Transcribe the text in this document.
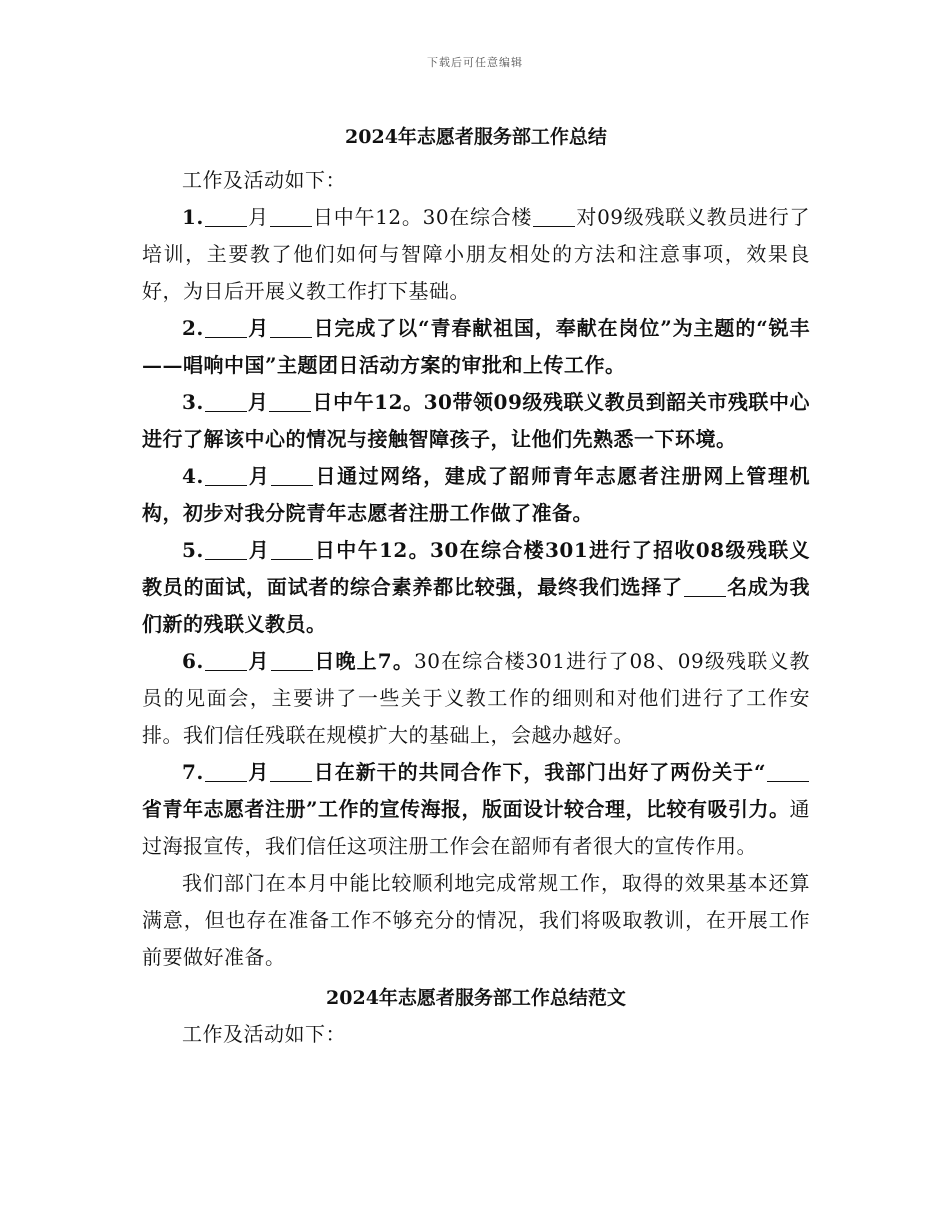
下载后可任意编辑
2024年志愿者服务部工作总结

工作及活动如下：

1. 月 日中午12。30在综合楼 对09级残联义教员进行了培训，主要教了他们如何与智障小朋友相处的方法和注意事项，效果良好，为日后开展义教工作打下基础。

2. 月 日完成了以“青春献祖国，奉献在岗位”为主题的“锐丰——唱响中国”主题团日活动方案的审批和上传工作。

3. 月 日中午12。30带领09级残联义教员到韶关市残联中心进行了解该中心的情况与接触智障孩子，让他们先熟悉一下环境。

4. 月 日通过网络，建成了韶师青年志愿者注册网上管理机构，初步对我分院青年志愿者注册工作做了准备。

5. 月 日中午12。30在综合楼301进行了招收08级残联义教员的面试，面试者的综合素养都比较强，最终我们选择了 名成为我们新的残联义教员。

6. 月 日晚上7。30在综合楼301进行了08、09级残联义教员的见面会，主要讲了一些关于义教工作的细则和对他们进行了工作安排。我们信任残联在规模扩大的基础上，会越办越好。

7. 月 日在新干的共同合作下，我部门出好了两份关于“省青年志愿者注册”工作的宣传海报，版面设计较合理，比较有吸引力。通过海报宣传，我们信任这项注册工作会在韶师有者很大的宣传作用。

我们部门在本月中能比较顺利地完成常规工作，取得的效果基本还算满意，但也存在准备工作不够充分的情况，我们将吸取教训，在开展工作前要做好准备。

2024年志愿者服务部工作总结范文

工作及活动如下：
